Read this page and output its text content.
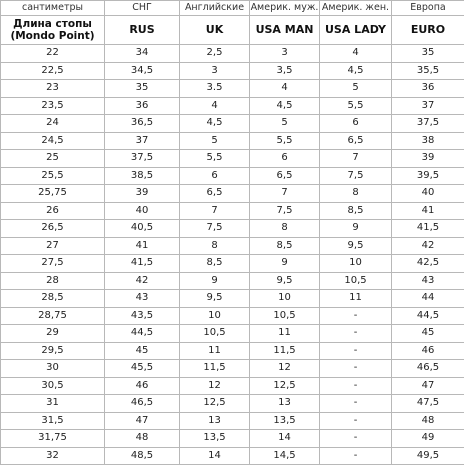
сантиметры	СНГ	Английские	Америк. муж.	Америк. жен.	Европа

Длина стопы
(Mondo Point)	RUS	UK	USA MAN	USA LADY	EURO
22	34	2,5	3	4	35
22,5	34,5	3	3,5	4,5	35,5
23	35	3.5	4	5	36
23,5	36	4	4,5	5,5	37
24	36,5	4,5	5	6	37,5
24,5	37	5	5,5	6,5	38
25	37,5	5,5	6	7	39
25,5	38,5	6	6,5	7,5	39,5
25,75	39	6,5	7	8	40
26	40	7	7,5	8,5	41
26,5	40,5	7,5	8	9	41,5
27	41	8	8,5	9,5	42
27,5	41,5	8,5	9	10	42,5
28	42	9	9,5	10,5	43
28,5	43	9,5	10	11	44
28,75	43,5	10	10,5	-	44,5
29	44,5	10,5	11	-	45
29,5	45	11	11,5	-	46
30	45,5	11,5	12	-	46,5
30,5	46	12	12,5	-	47
31	46,5	12,5	13	-	47,5
31,5	47	13	13,5	-	48
31,75	48	13,5	14	-	49
32	48,5	14	14,5	-	49,5
